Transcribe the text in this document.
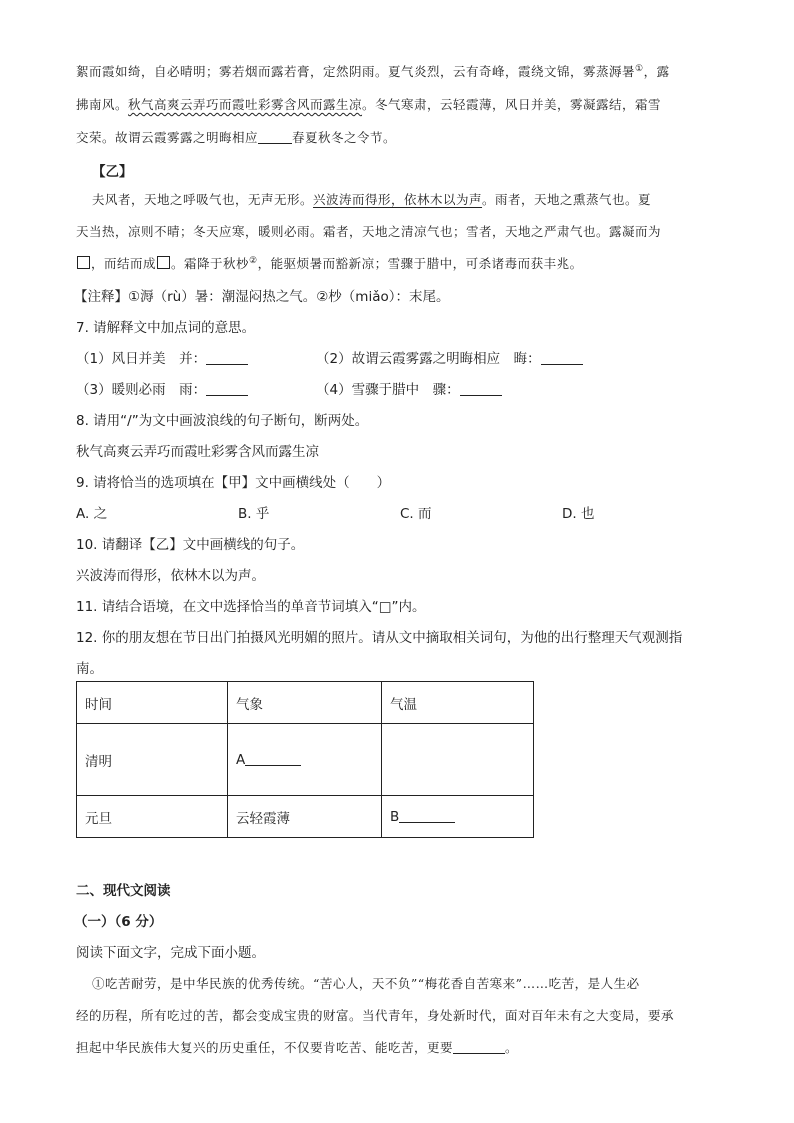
絮而霞如绮，自必晴明；雾若烟而露若膏，定然阴雨。夏气炎烈，云有奇峰，霞绕文锦，雾蒸溽暑①，露
拂南风。秋气高爽云弄巧而霞吐彩雾含风而露生凉。冬气寒肃，云轻霞薄，风日并美，雾凝露结，霜雪
交荣。故谓云霞雾露之明晦相应	春夏秋冬之令节。
【乙】
夫风者，天地之呼吸气也，无声无形。兴波涛而得形，依林木以为声。雨者，天地之熏蒸气也。夏
天当热，凉则不晴；冬天应寒，暖则必雨。霜者，天地之清凉气也；雪者，天地之严肃气也。露凝而为
，而结而成 。霜降于秋杪②，能驱烦暑而豁新凉；雪骤于腊中，可杀诸毒而获丰兆。
【注释】①溽（rù）暑：潮湿闷热之气。②杪（miǎo）：末尾。
7. 请解释文中加点词的意思。
（1）风日并美　并：	（2）故谓云霞雾露之明晦相应　晦：
（3）暖则必雨　雨：	（4）雪骤于腊中　骤：
8. 请用“/”为文中画波浪线的句子断句，断两处。
秋气高爽云弄巧而霞吐彩雾含风而露生凉
9. 请将恰当的选项填在【甲】文中画横线处（　　）
A. 之	B. 乎	C. 而	D. 也
10. 请翻译【乙】文中画横线的句子。
兴波涛而得形，依林木以为声。
11. 请结合语境，在文中选择恰当的单音节词填入“□”内。
12. 你的朋友想在节日出门拍摄风光明媚的照片。请从文中摘取相关词句，为他的出行整理天气观测指
南。
时间	气象	气温
清明	A	
元旦	云轻霞薄	B
二、现代文阅读
（一）（6 分）
阅读下面文字，完成下面小题。
①吃苦耐劳，是中华民族的优秀传统。“苦心人，天不负”“梅花香自苦寒来”……吃苦，是人生必
经的历程，所有吃过的苦，都会变成宝贵的财富。当代青年，身处新时代，面对百年未有之大变局，要承
担起中华民族伟大复兴的历史重任，不仅要肯吃苦、能吃苦，更要	。
